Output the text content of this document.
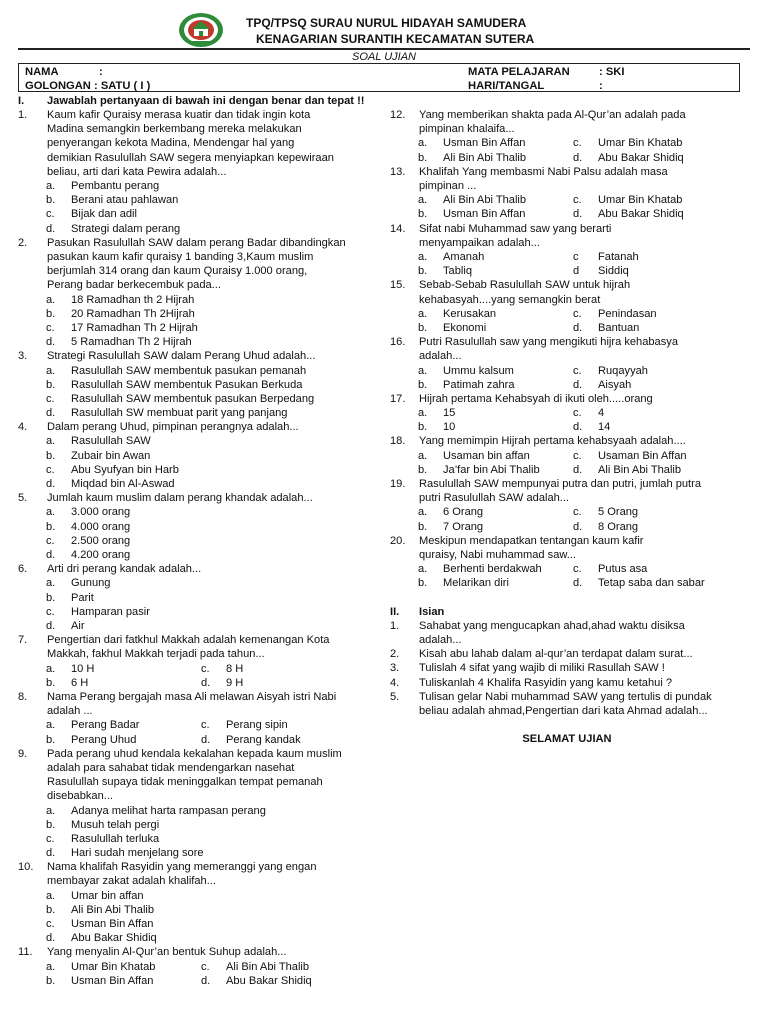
TPQ/TPSQ SURAU NURUL HIDAYAH SAMUDERA
KENAGARIAN SURANTIH KECAMATAN SUTERA
SOAL UJIAN
NAMA	:
GOLONGAN : SATU ( I )
MATA PELAJARAN	: SKI
HARI/TANGAL	:
I.	Jawablah pertanyaan di bawah ini dengan benar dan tepat !!
1.	Kaum kafir Quraisy merasa kuatir dan tidak ingin kota
Madina semangkin berkembang mereka melakukan
penyerangan kekota Madina, Mendengar hal yang
demikian Rasulullah SAW segera menyiapkan kepewiraan
beliau, arti dari kata Pewira adalah...
a.	Pembantu perang
b.	Berani atau pahlawan
c.	Bijak dan adil
d.	Strategi dalam perang
2.	Pasukan Rasulullah SAW dalam perang Badar dibandingkan
pasukan kaum kafir quraisy 1 banding 3,Kaum muslim
berjumlah 314 orang dan kaum Quraisy 1.000 orang,
Perang badar berkecembuk pada...
a.	18 Ramadhan th 2 Hijrah
b.	20 Ramadhan Th 2Hijrah
c.	17 Ramadhan Th 2 Hijrah
d.	5 Ramadhan Th 2 Hijrah
3.	Strategi Rasulullah SAW dalam Perang Uhud adalah...
a.	Rasulullah SAW membentuk pasukan pemanah
b.	Rasulullah SAW membentuk Pasukan Berkuda
c.	Rasulullah SAW membentuk pasukan Berpedang
d.	Rasulullah SW membuat parit yang panjang
4.	Dalam perang Uhud, pimpinan perangnya adalah...
a.	Rasulullah SAW
b.	Zubair bin Awan
c.	Abu Syufyan bin Harb
d.	Miqdad bin Al-Aswad
5.	Jumlah kaum muslim dalam perang khandak adalah...
a.	3.000 orang
b.	4.000 orang
c.	2.500 orang
d.	4.200 orang
6.	Arti dri perang kandak adalah...
a.	Gunung
b.	Parit
c.	Hamparan pasir
d.	Air
7.	Pengertian dari fatkhul Makkah adalah kemenangan Kota
Makkah, fakhul Makkah terjadi pada tahun...
a.	10 H	c.	8 H
b.	6 H	d.	9 H
8.	Nama Perang bergajah masa Ali melawan Aisyah istri Nabi
adalah ...
a.	Perang Badar	c.	Perang sipin
b.	Perang Uhud	d.	Perang kandak
9.	Pada perang uhud kendala kekalahan kepada kaum muslim
adalah para sahabat tidak mendengarkan nasehat
Rasulullah supaya tidak meninggalkan tempat pemanah
disebabkan...
a.	Adanya melihat harta rampasan perang
b.	Musuh telah pergi
c.	Rasulullah terluka
d.	Hari sudah menjelang sore
10.	Nama khalifah Rasyidin yang memeranggi yang engan
membayar zakat adalah khalifah...
a.	Umar bin affan
b.	Ali Bin Abi Thalib
c.	Usman Bin Affan
d.	Abu Bakar Shidiq
11.	Yang menyalin Al-Qur’an bentuk Suhup adalah...
a.	Umar Bin Khatab	c.	Ali Bin Abi Thalib
b.	Usman Bin Affan	d.	Abu Bakar Shidiq
12.	Yang memberikan shakta pada Al-Qur’an adalah pada
pimpinan khalaifa...
a.	Usman Bin Affan	c.	Umar Bin Khatab
b.	Ali Bin Abi Thalib	d.	Abu Bakar Shidiq
13.	Khalifah Yang membasmi Nabi Palsu adalah masa
pimpinan ...
a.	Ali Bin Abi Thalib	c.	Umar Bin Khatab
b.	Usman Bin Affan	d.	Abu Bakar Shidiq
14.	Sifat nabi Muhammad saw yang berarti
menyampaikan adalah...
a.	Amanah	c	Fatanah
b.	Tabliq	d	Siddiq
15.	Sebab-Sebab Rasulullah SAW untuk hijrah
kehabasyah....yang semangkin berat
a.	Kerusakan	c.	Penindasan
b.	Ekonomi	d.	Bantuan
16.	Putri Rasulullah saw yang mengikuti hijra kehabasya
adalah...
a.	Ummu kalsum	c.	Ruqayyah
b.	Patimah zahra	d.	Aisyah
17.	Hijrah pertama Kehabsyah di ikuti oleh.....orang
a.	15	c.	4
b.	10	d.	14
18.	Yang memimpin Hijrah pertama kehabsyaah adalah....
a.	Usaman bin affan	c.	Usaman Bin Affan
b.	Ja’far bin Abi Thalib	d.	Ali Bin Abi Thalib
19.	Rasulullah SAW mempunyai putra dan putri, jumlah putra
putri Rasulullah SAW adalah...
a.	6 Orang	c.	5 Orang
b.	7 Orang	d.	8 Orang
20.	Meskipun mendapatkan tentangan kaum kafir
quraisy, Nabi muhammad saw...
a.	Berhenti berdakwah	c.	Putus asa
b.	Melarikan diri	d.	Tetap saba dan sabar
II.	Isian
1.	Sahabat yang mengucapkan ahad,ahad waktu disiksa
adalah...
2.	Kisah abu lahab dalam al-qur’an terdapat dalam surat...
3.	Tulislah 4 sifat yang wajib di miliki Rasullah SAW !
4.	Tuliskanlah 4 Khalifa Rasyidin yang kamu ketahui ?
5.	Tulisan gelar Nabi muhammad SAW yang tertulis di pundak
beliau adalah ahmad,Pengertian dari kata Ahmad adalah...
SELAMAT UJIAN
